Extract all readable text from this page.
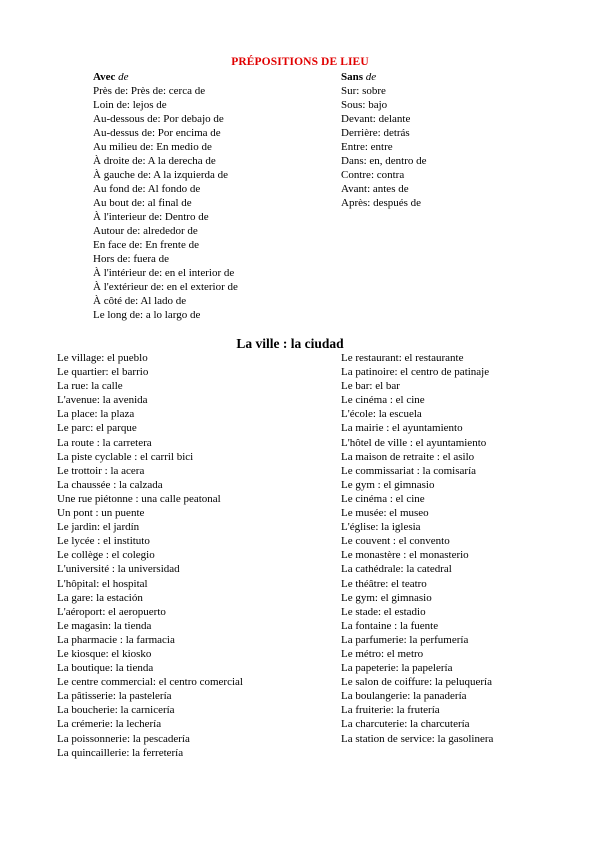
PRÉPOSITIONS DE LIEU
Avec de
Près de: Près de: cerca de
Loin de: lejos de
Au-dessous de: Por debajo de
Au-dessus de: Por encima de
Au milieu de: En medio de
À droite de: A la derecha de
À gauche de: A la izquierda de
Au fond de: Al fondo de
Au bout de: al final de
À l'interieur de: Dentro de
Autour de: alrededor de
En face de: En frente de
Hors de: fuera de
À l'intérieur de: en el interior de
À l'extérieur de: en el exterior de
À côté de: Al lado de
Le long de: a lo largo de
Sans de
Sur: sobre
Sous: bajo
Devant: delante
Derrière: detrás
Entre: entre
Dans: en, dentro de
Contre: contra
Avant: antes de
Après: después de
La ville : la ciudad
Le village: el pueblo
Le quartier: el barrio
La rue: la calle
L'avenue: la avenida
La place: la plaza
Le parc: el parque
La route : la carretera
La piste cyclable : el carril bici
Le trottoir : la acera
La chaussée : la calzada
Une rue piétonne : una calle peatonal
Un pont : un puente
Le jardin: el jardín
Le lycée : el instituto
Le collège : el colegio
L'université : la universidad
L'hôpital: el hospital
La gare: la estación
L'aéroport: el aeropuerto
Le magasin: la tienda
La pharmacie : la farmacia
Le kiosque: el kiosko
La boutique: la tienda
Le centre commercial: el centro comercial
La pâtisserie: la pastelería
La boucherie: la carnicería
La crémerie: la lechería
La poissonnerie: la pescadería
La quincaillerie: la ferretería
Le restaurant: el restaurante
La patinoire: el centro de patinaje
Le bar: el bar
Le cinéma : el cine
L'école: la escuela
La mairie : el ayuntamiento
L'hôtel de ville : el ayuntamiento
La maison de retraite : el asilo
Le commissariat : la comisaría
Le gym : el gimnasio
Le cinéma : el cine
Le musée: el museo
L'église: la iglesia
Le couvent : el convento
Le monastère : el monasterio
La cathédrale: la catedral
Le théâtre: el teatro
Le gym: el gimnasio
Le stade: el estadio
La fontaine : la fuente
La parfumerie: la perfumería
Le métro: el metro
La papeterie: la papelería
Le salon de coiffure: la peluquería
La boulangerie: la panadería
La fruiterie: la frutería
La charcuterie: la charcutería
La station de service: la gasolinera
